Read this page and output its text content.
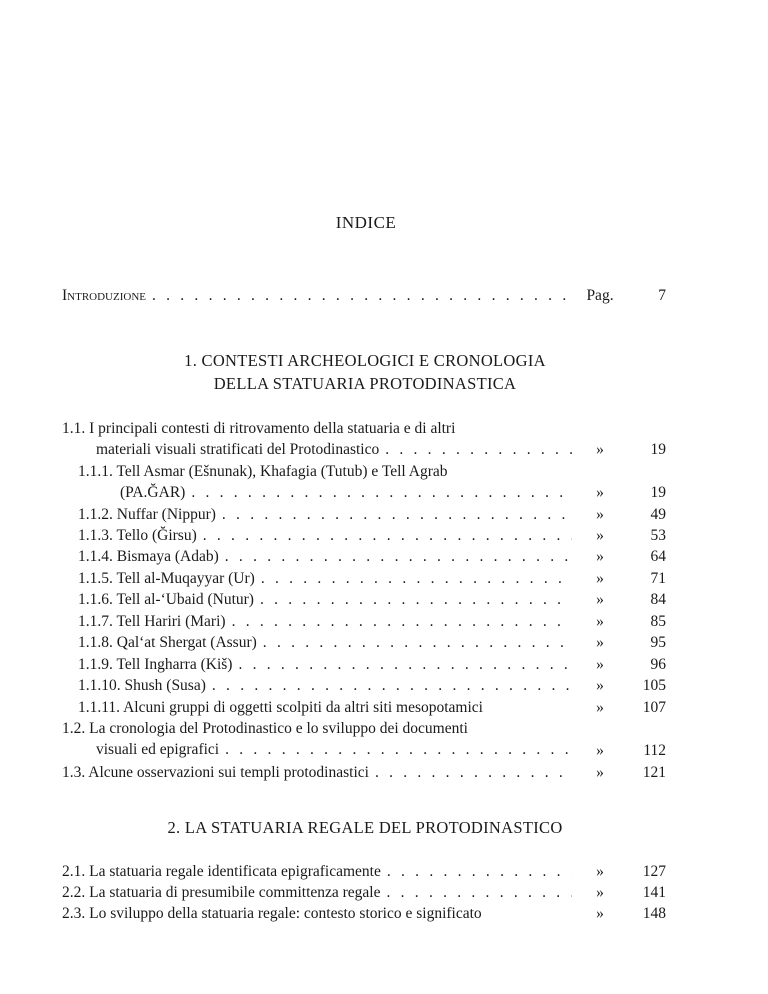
INDICE
Introduzione . . .	Pag.	7
1. CONTESTI ARCHEOLOGICI E CRONOLOGIA
DELLA STATUARIA PROTODINASTICA
1.1. I principali contesti di ritrovamento della statuaria e di altri
materiali visuali stratificati del Protodinastico . . .	»	19
1.1.1. Tell Asmar (Ešnunak), Khafagia (Tutub) e Tell Agrab
(PA.ĞAR) . . .	»	19
1.1.2. Nuffar (Nippur) . . .	»	49
1.1.3. Tello (Ğirsu) . . .	»	53
1.1.4. Bismaya (Adab) . . .	»	64
1.1.5. Tell al-Muqayyar (Ur) . . .	»	71
1.1.6. Tell al-‘Ubaid (Nutur) . . .	»	84
1.1.7. Tell Hariri (Mari) . . .	»	85
1.1.8. Qal‘at Shergat (Assur) . . .	»	95
1.1.9. Tell Ingharra (Kiš) . . .	»	96
1.1.10. Shush (Susa) . . .	»	105
1.1.11. Alcuni gruppi di oggetti scolpiti da altri siti mesopotamici	»	107
1.2. La cronologia del Protodinastico e lo sviluppo dei documenti
visuali ed epigrafici . . .	»	112
1.3. Alcune osservazioni sui templi protodinastici . . .	»	121
2. LA STATUARIA REGALE DEL PROTODINASTICO
2.1. La statuaria regale identificata epigraficamente . . .	»	127
2.2. La statuaria di presumibile committenza regale . . .	»	141
2.3. Lo sviluppo della statuaria regale: contesto storico e significato	»	148
